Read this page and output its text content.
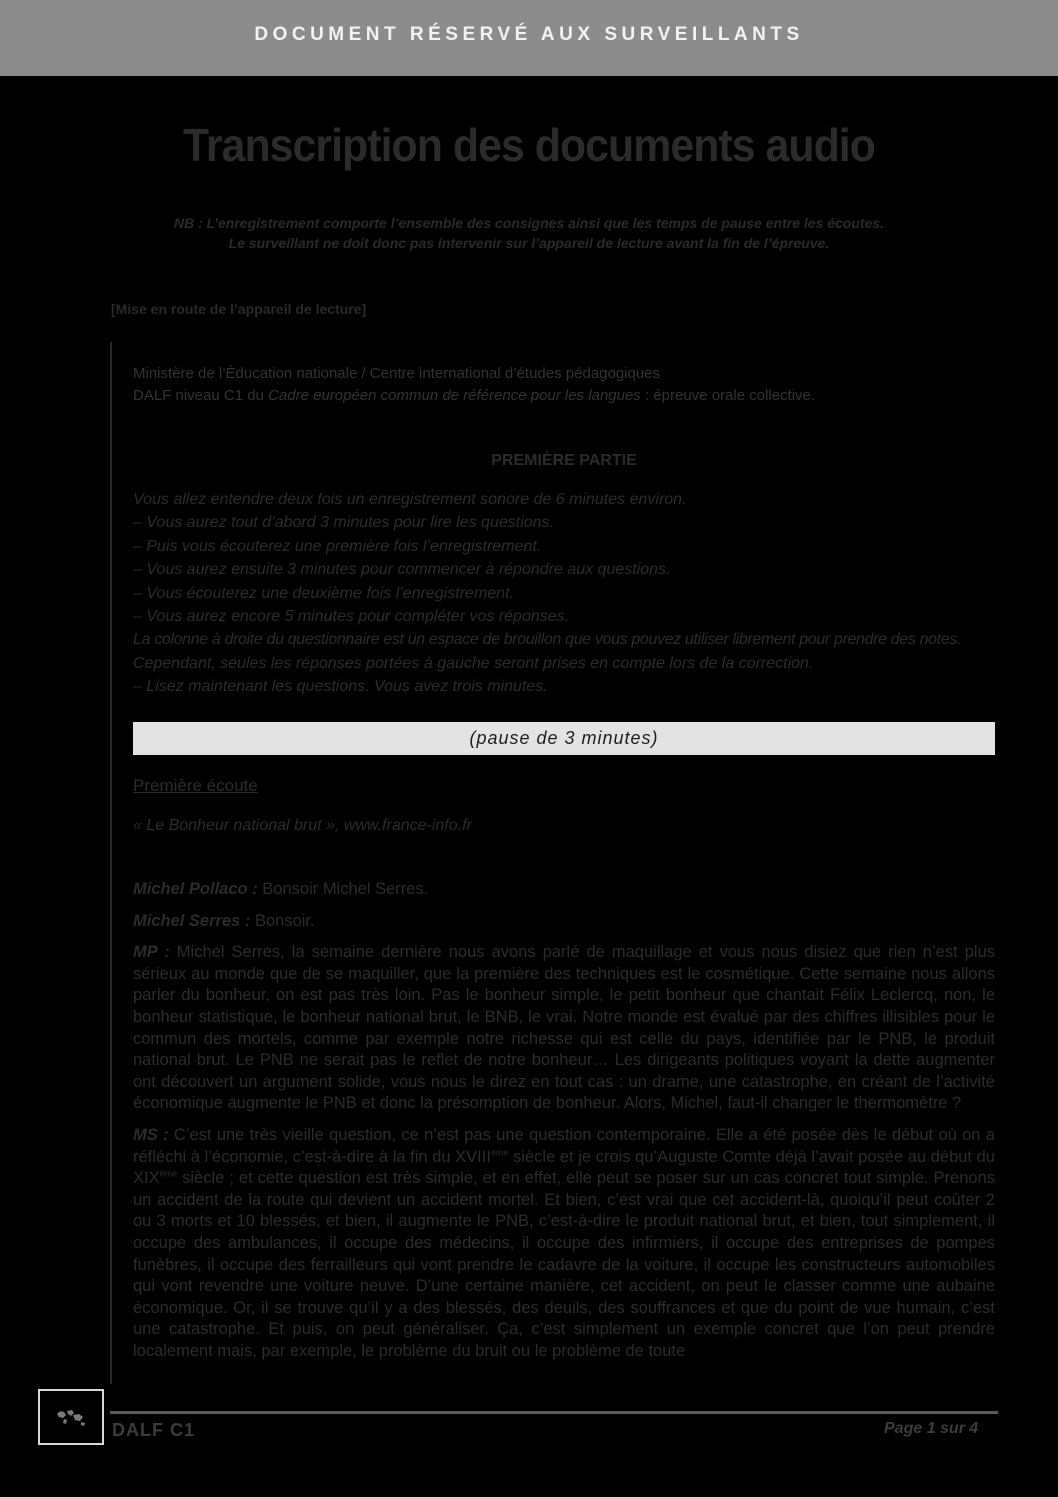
DOCUMENT RÉSERVÉ AUX SURVEILLANTS
Transcription des documents audio
NB : L’enregistrement comporte l’ensemble des consignes ainsi que les temps de pause entre les écoutes.
Le surveillant ne doit donc pas intervenir sur l’appareil de lecture avant la fin de l’épreuve.
[Mise en route de l’appareil de lecture]
Ministère de l’Éducation nationale / Centre international d’études pédagogiques
DALF niveau C1 du Cadre européen commun de référence pour les langues : épreuve orale collective.
PREMIÈRE PARTIE
Vous allez entendre deux fois un enregistrement sonore de 6 minutes environ.
– Vous aurez tout d’abord 3 minutes pour lire les questions.
– Puis vous écouterez une première fois l’enregistrement.
– Vous aurez ensuite 3 minutes pour commencer à répondre aux questions.
– Vous écouterez une deuxième fois l’enregistrement.
– Vous aurez encore 5 minutes pour compléter vos réponses.
La colonne à droite du questionnaire est un espace de brouillon que vous pouvez utiliser librement pour prendre des notes.
Cependant, seules les réponses portées à gauche seront prises en compte lors de la correction.
– Lisez maintenant les questions. Vous avez trois minutes.
(pause de 3 minutes)
Première écoute
« Le Bonheur national brut », www.france-info.fr

Michel Pollaco : Bonsoir Michel Serres.

Michel Serres : Bonsoir.

MP : Michel Serres, la semaine dernière nous avons parlé de maquillage et vous nous disiez que rien n’est plus sérieux au monde que de se maquiller, que la première des techniques est le cosmétique. Cette semaine nous allons parler du bonheur, on est pas très loin. Pas le bonheur simple, le petit bonheur que chantait Félix Leclercq, non, le bonheur statistique, le bonheur national brut, le BNB, le vrai. Notre monde est évalué par des chiffres illisibles pour le commun des mortels, comme par exemple notre richesse qui est celle du pays, identifiée par le PNB, le produit national brut. Le PNB ne serait pas le reflet de notre bonheur… Les dirigeants politiques voyant la dette augmenter ont découvert un argument solide, vous nous le direz en tout cas : un drame, une catastrophe, en créant de l’activité économique augmente le PNB et donc la présomption de bonheur. Alors, Michel, faut-il changer le thermomètre ?

MS : C’est une très vieille question, ce n’est pas une question contemporaine. Elle a été posée dès le début où on a réfléchi à l’économie, c’est-à-dire à la fin du XVIIIème siècle et je crois qu’Auguste Comte déjà l’avait posée au début du XIXème siècle ; et cette question est très simple, et en effet, elle peut se poser sur un cas concret tout simple. Prenons un accident de la route qui devient un accident mortel. Et bien, c’est vrai que cet accident-là, quoiqu’il peut coûter 2 ou 3 morts et 10 blessés, et bien, il augmente le PNB, c’est-à-dire le produit national brut, et bien, tout simplement, il occupe des ambulances, il occupe des médecins, il occupe des infirmiers, il occupe des entreprises de pompes funèbres, il occupe des ferrailleurs qui vont prendre le cadavre de la voiture, il occupe les constructeurs automobiles qui vont revendre une voiture neuve. D’une certaine manière, cet accident, on peut le classer comme une aubaine économique. Or, il se trouve qu’il y a des blessés, des deuils, des souffrances et que du point de vue humain, c’est une catastrophe. Et puis, on peut généraliser. Ça, c’est simplement un exemple concret que l’on peut prendre localement mais, par exemple, le problème du bruit ou le problème de toute

DALF C1	Page 1 sur 4
